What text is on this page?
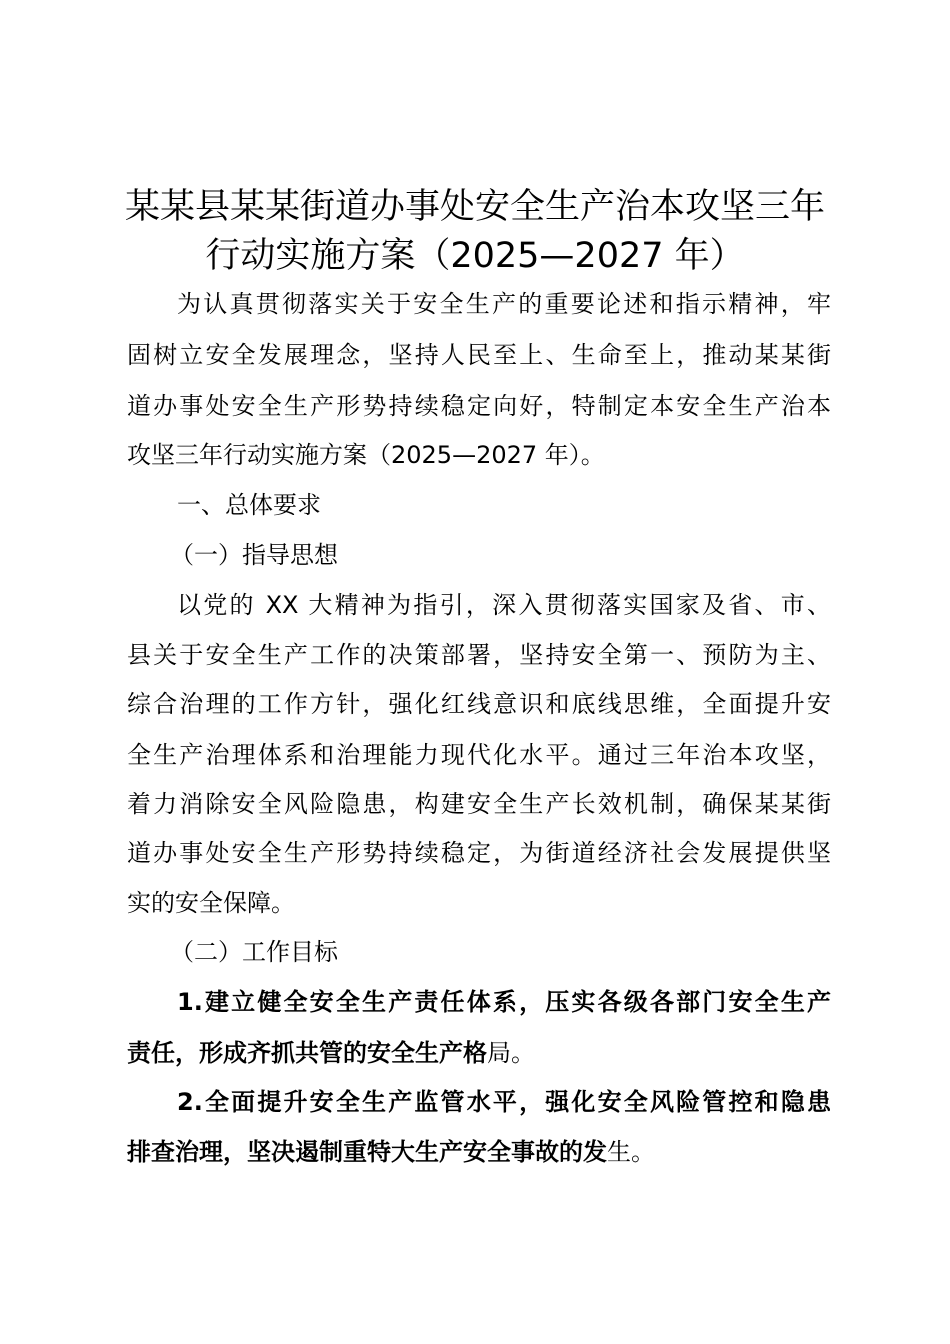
某某县某某街道办事处安全生产治本攻坚三年
行动实施方案（2025—2027 年）

为认真贯彻落实关于安全生产的重要论述和指示精神，牢

固树立安全发展理念，坚持人民至上、生命至上，推动某某街

道办事处安全生产形势持续稳定向好，特制定本安全生产治本

攻坚三年行动实施方案（2025—2027 年）。

一、总体要求

（一）指导思想

以党的 XX 大精神为指引，深入贯彻落实国家及省、市、

县关于安全生产工作的决策部署，坚持安全第一、预防为主、

综合治理的工作方针，强化红线意识和底线思维，全面提升安

全生产治理体系和治理能力现代化水平。通过三年治本攻坚，

着力消除安全风险隐患，构建安全生产长效机制，确保某某街

道办事处安全生产形势持续稳定，为街道经济社会发展提供坚

实的安全保障。

（二）工作目标

1.建立健全安全生产责任体系，压实各级各部门安全生产

责任，形成齐抓共管的安全生产格局。

2.全面提升安全生产监管水平，强化安全风险管控和隐患

排查治理，坚决遏制重特大生产安全事故的发生。
